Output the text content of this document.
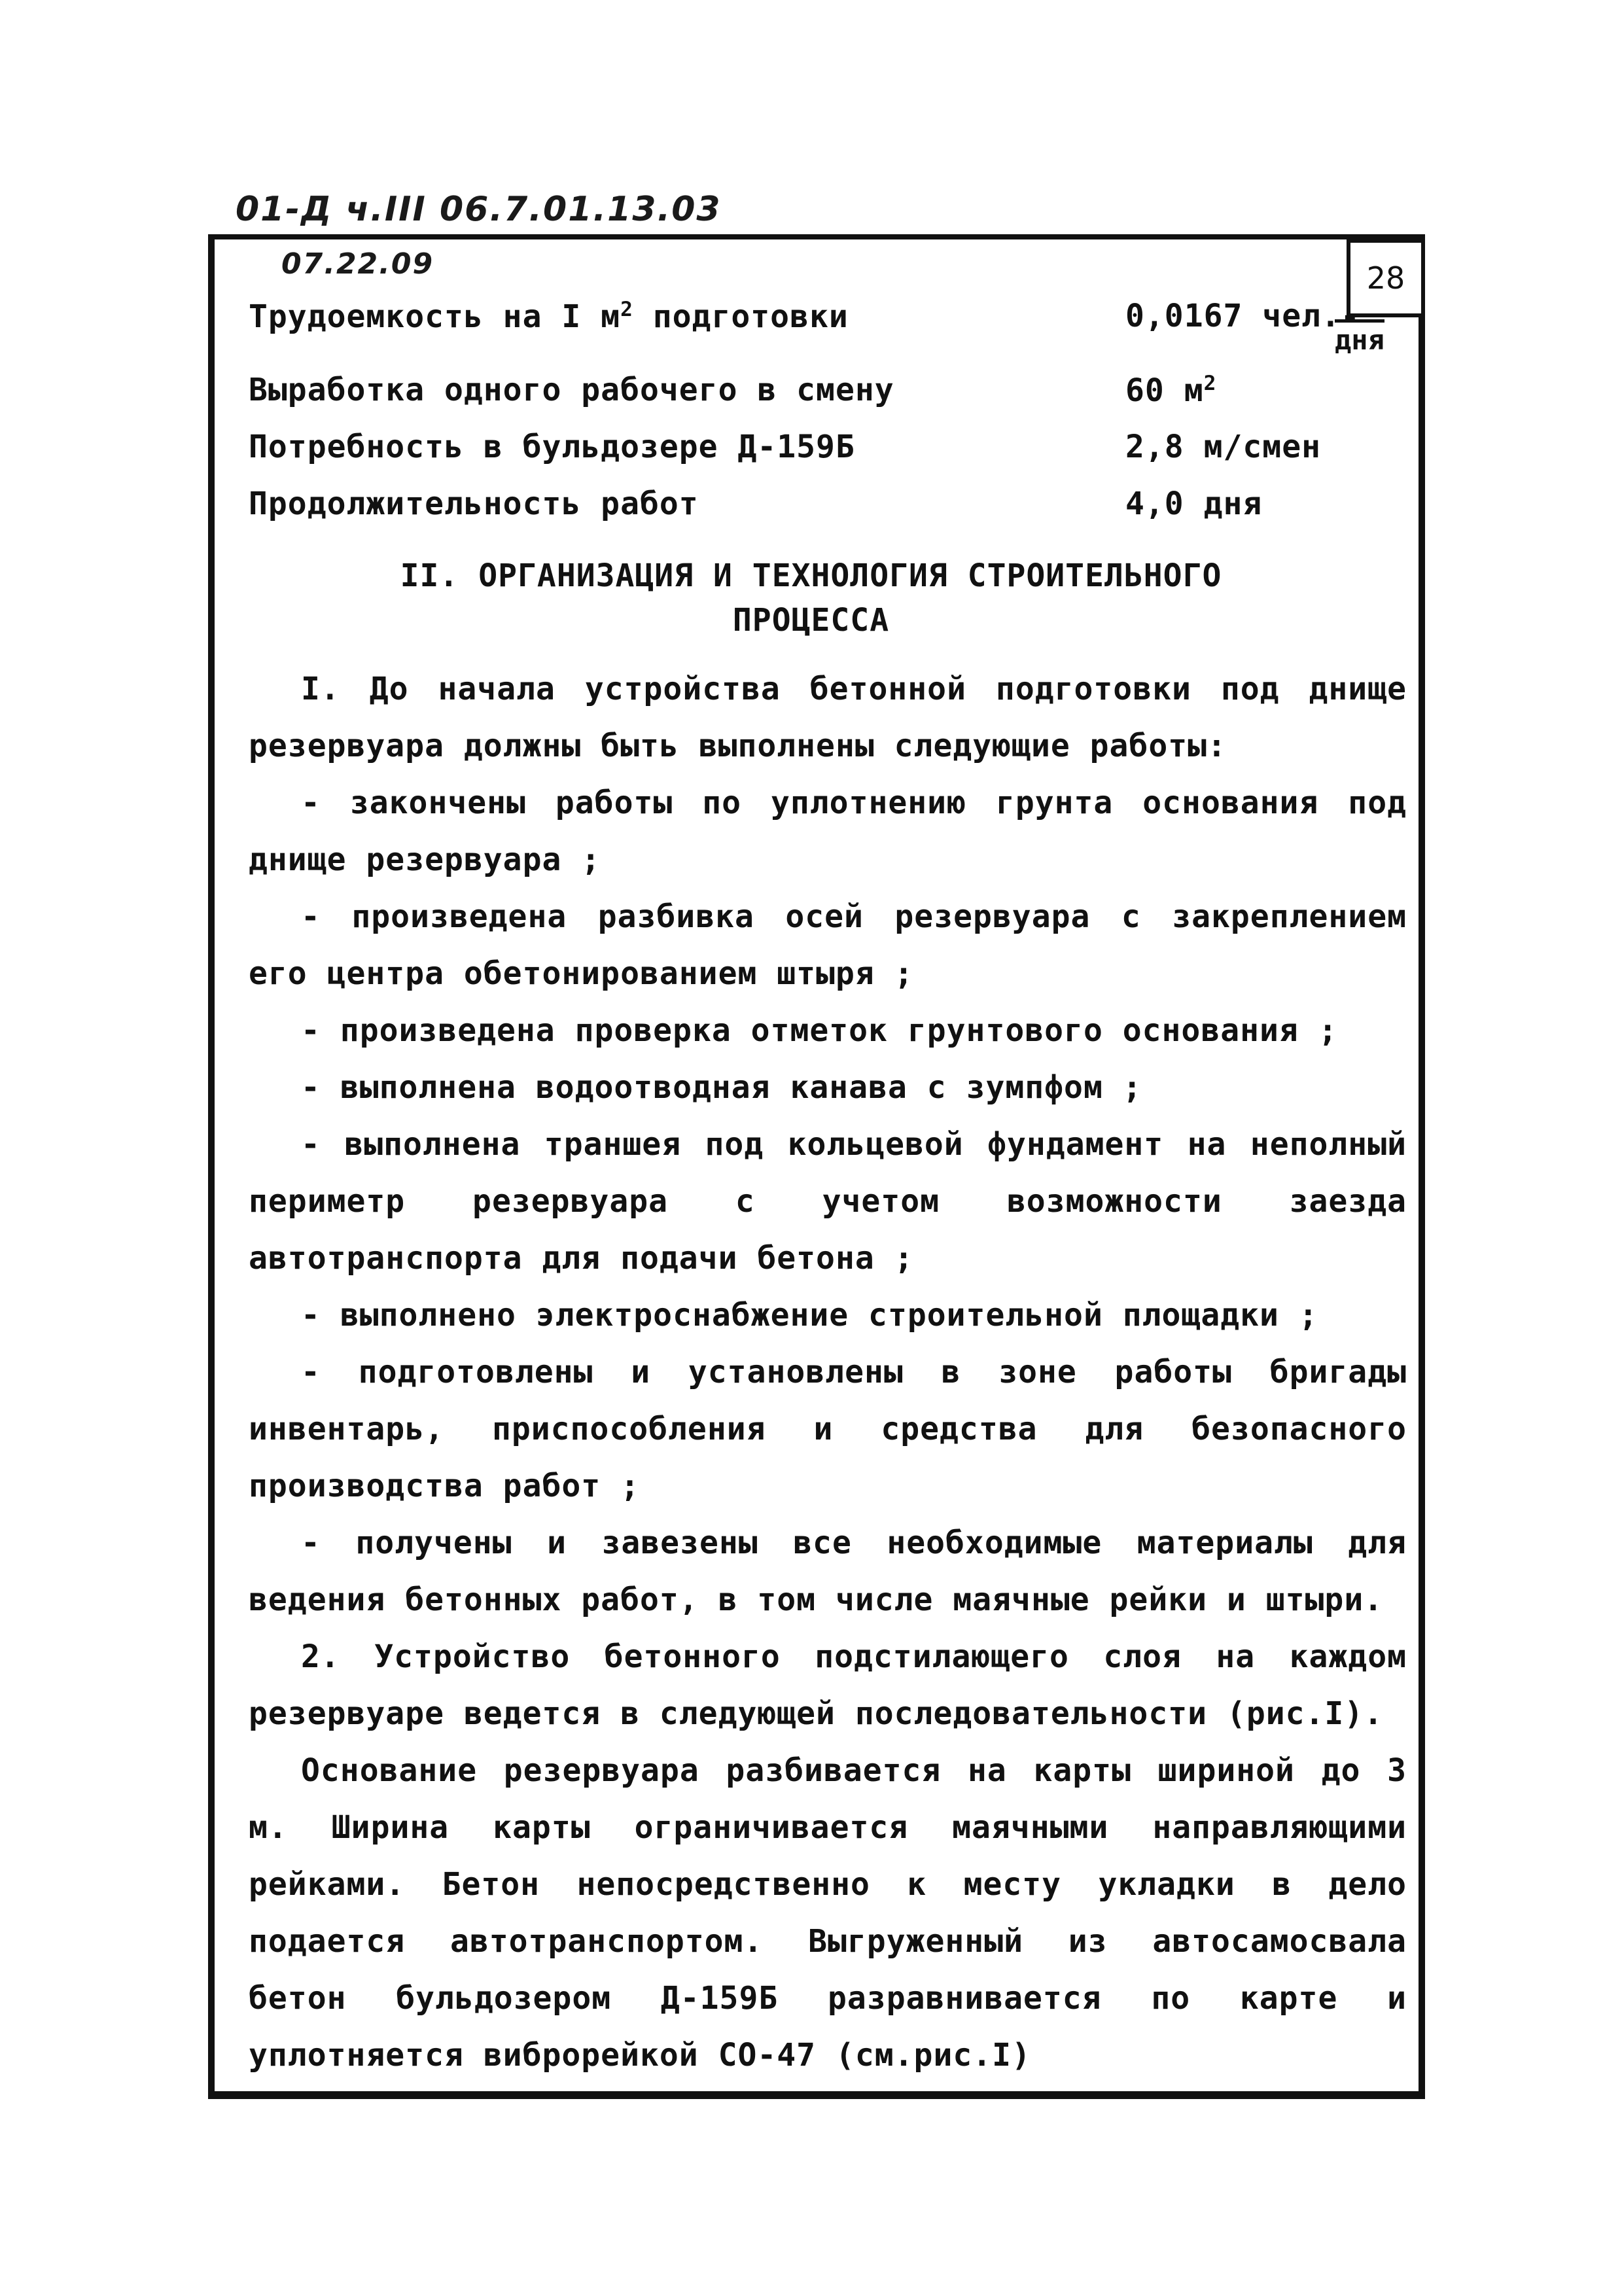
01-Д ч.III 06.7.01.13.03
07.22.09	28
Трудоемкость на I $м^2$ подготовки	0,0167 чел.-
дня
Выработка одного рабочего в смену	60 $м^2$
Потребность в бульдозере Д-159Б	2,8 м/смен
Продолжительность работ	4,0 дня
II. ОРГАНИЗАЦИЯ И ТЕХНОЛОГИЯ СТРОИТЕЛЬНОГО
ПРОЦЕССА

I. До начала устройства бетонной подготовки под днище резервуара должны быть выполнены следующие работы:

- закончены работы по уплотнению грунта основания под днище резервуара ;

- произведена разбивка осей резервуара с закреплением его центра обетонированием штыря ;

- произведена проверка отметок грунтового основания ;

- выполнена водоотводная канава с зумпфом ;

- выполнена траншея под кольцевой фундамент на неполный периметр резервуара с учетом возможности заезда автотранспорта для подачи бетона ;

- выполнено электроснабжение строительной площадки ;

- подготовлены и установлены в зоне работы бригады инвентарь, приспособления и средства для безопасного производства работ ;

- получены и завезены все необходимые материалы для ведения бетонных работ, в том числе маячные рейки и штыри.

2. Устройство бетонного подстилающего слоя на каждом резервуаре ведется в следующей последовательности (рис.I).

Основание резервуара разбивается на карты шириной до 3 м. Ширина карты ограничивается маячными направляющими рейками. Бетон непосредственно к месту укладки в дело подается автотранспортом. Выгруженный из автосамосвала бетон бульдозером Д-159Б разравнивается по карте и уплотняется виброрейкой СО-47 (см.рис.I)
